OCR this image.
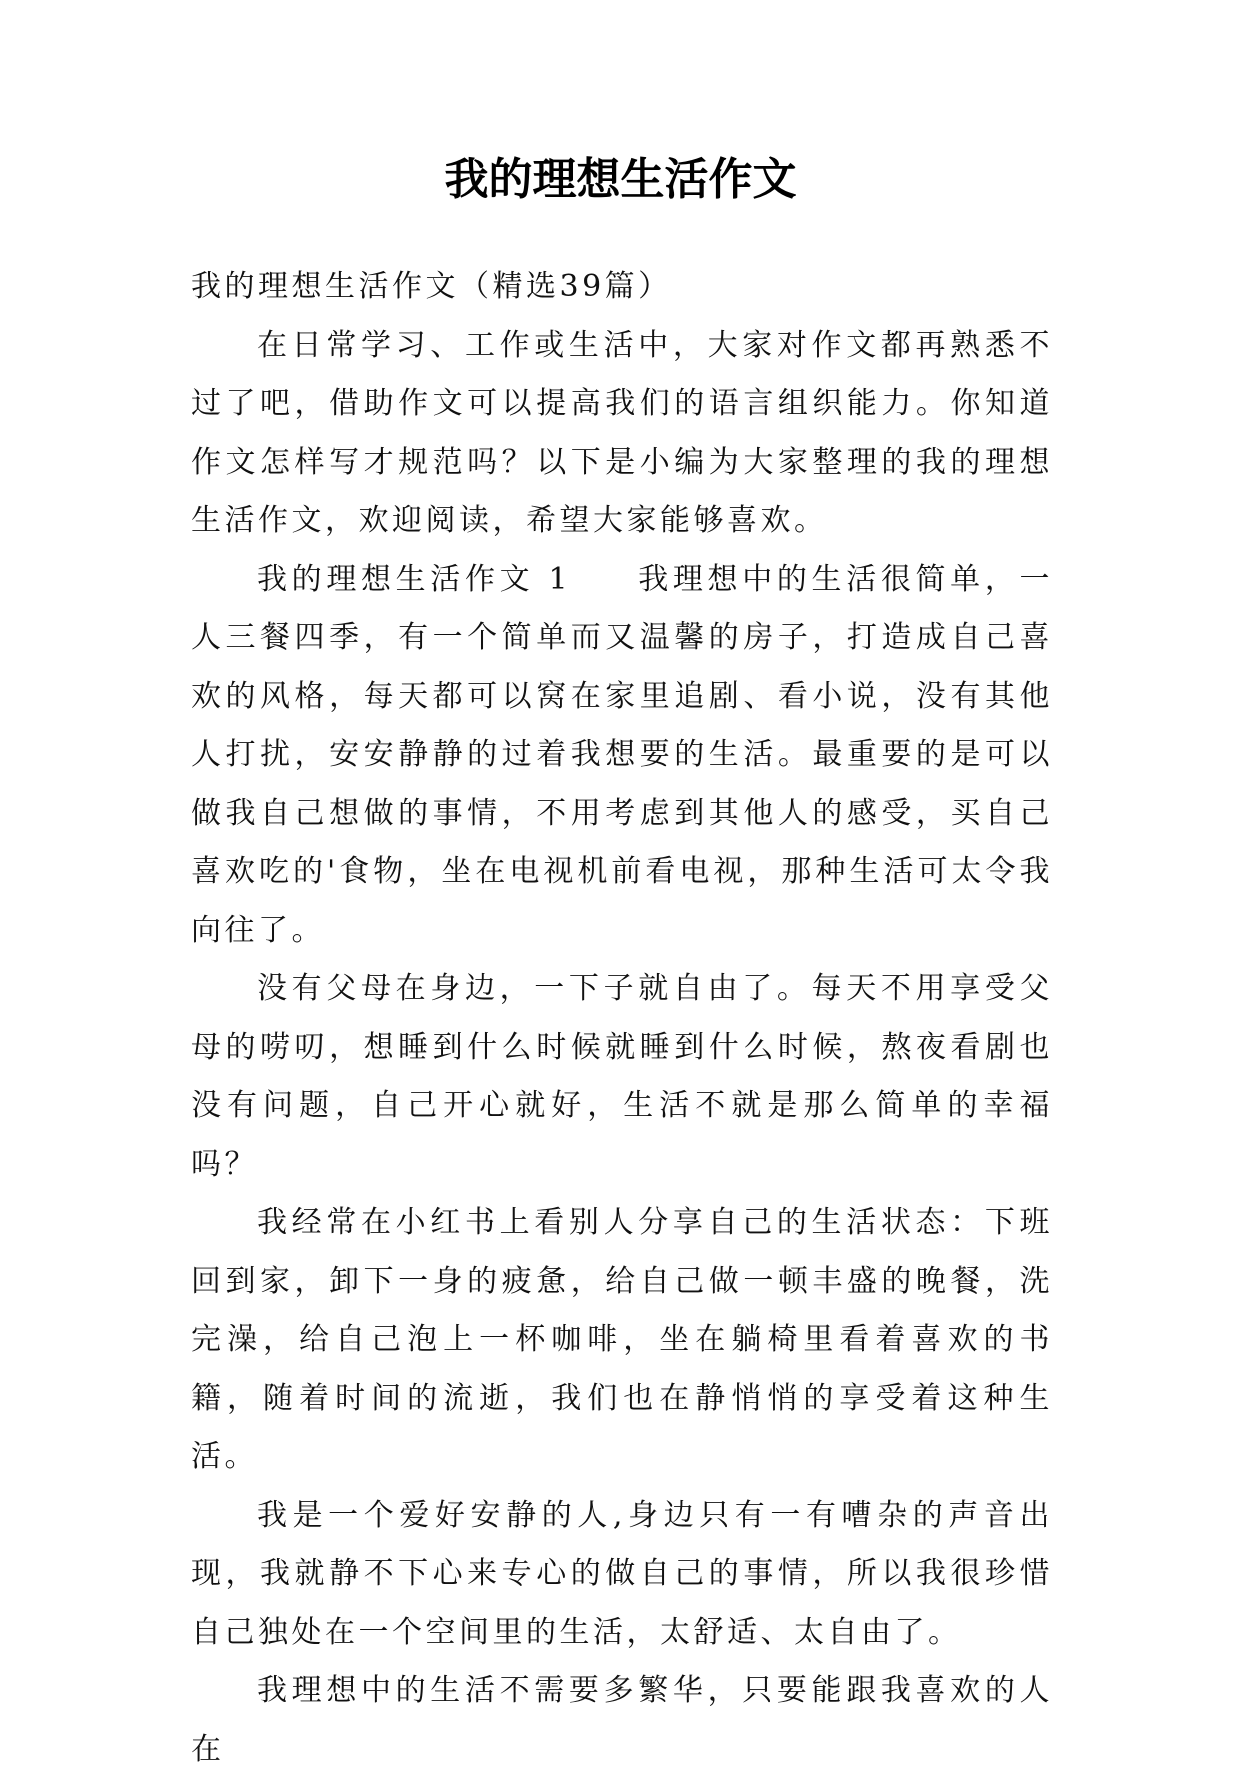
我的理想生活作文

我的理想生活作文（精选39篇）

在日常学习、工作或生活中，大家对作文都再熟悉不过了吧，借助作文可以提高我们的语言组织能力。你知道作文怎样写才规范吗？以下是小编为大家整理的我的理想生活作文，欢迎阅读，希望大家能够喜欢。

我的理想生活作文 1 我理想中的生活很简单，一人三餐四季，有一个简单而又温馨的房子，打造成自己喜欢的风格，每天都可以窝在家里追剧、看小说，没有其他人打扰，安安静静的过着我想要的生活。最重要的是可以做我自己想做的事情，不用考虑到其他人的感受，买自己喜欢吃的'食物，坐在电视机前看电视，那种生活可太令我向往了。

没有父母在身边，一下子就自由了。每天不用享受父母的唠叨，想睡到什么时候就睡到什么时候，熬夜看剧也没有问题，自己开心就好，生活不就是那么简单的幸福吗？

我经常在小红书上看别人分享自己的生活状态：下班回到家，卸下一身的疲惫，给自己做一顿丰盛的晚餐，洗完澡，给自己泡上一杯咖啡，坐在躺椅里看着喜欢的书籍，随着时间的流逝，我们也在静悄悄的享受着这种生活。

我是一个爱好安静的人,身边只有一有嘈杂的声音出现，我就静不下心来专心的做自己的事情，所以我很珍惜自己独处在一个空间里的生活，太舒适、太自由了。

我理想中的生活不需要多繁华，只要能跟我喜欢的人在
